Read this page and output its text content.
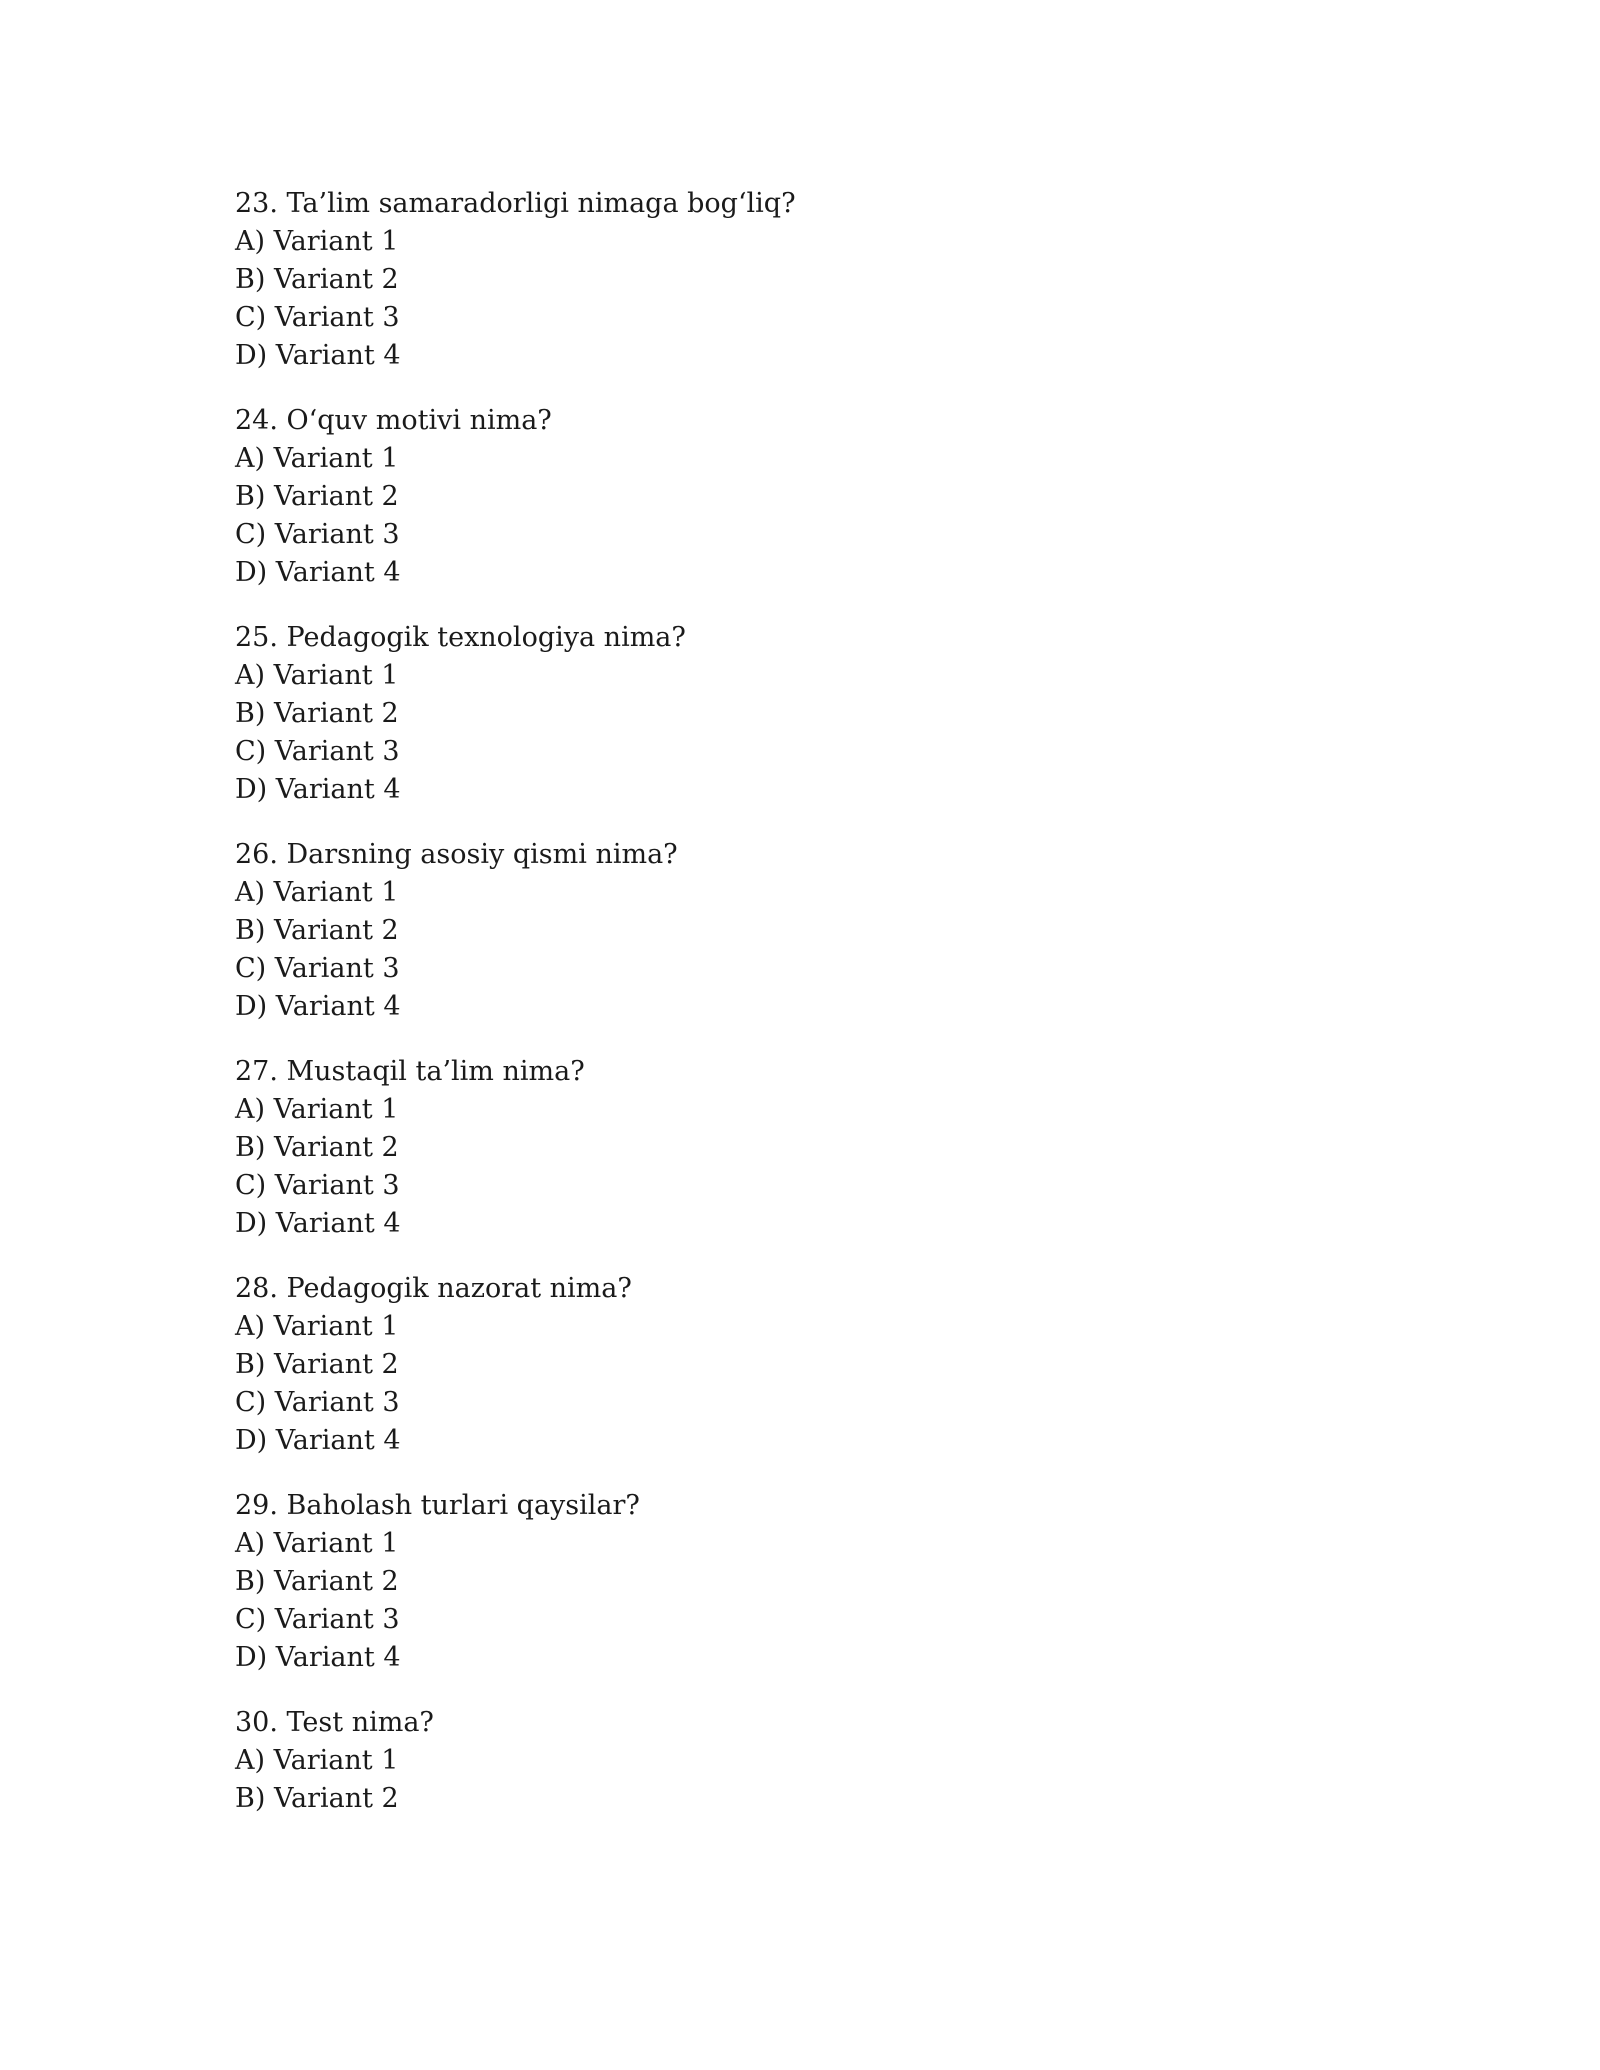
23. Ta’lim samaradorligi nimaga bog‘liq?
A) Variant 1
B) Variant 2
C) Variant 3
D) Variant 4
24. O‘quv motivi nima?
A) Variant 1
B) Variant 2
C) Variant 3
D) Variant 4
25. Pedagogik texnologiya nima?
A) Variant 1
B) Variant 2
C) Variant 3
D) Variant 4
26. Darsning asosiy qismi nima?
A) Variant 1
B) Variant 2
C) Variant 3
D) Variant 4
27. Mustaqil ta’lim nima?
A) Variant 1
B) Variant 2
C) Variant 3
D) Variant 4
28. Pedagogik nazorat nima?
A) Variant 1
B) Variant 2
C) Variant 3
D) Variant 4
29. Baholash turlari qaysilar?
A) Variant 1
B) Variant 2
C) Variant 3
D) Variant 4
30. Test nima?
A) Variant 1
B) Variant 2
